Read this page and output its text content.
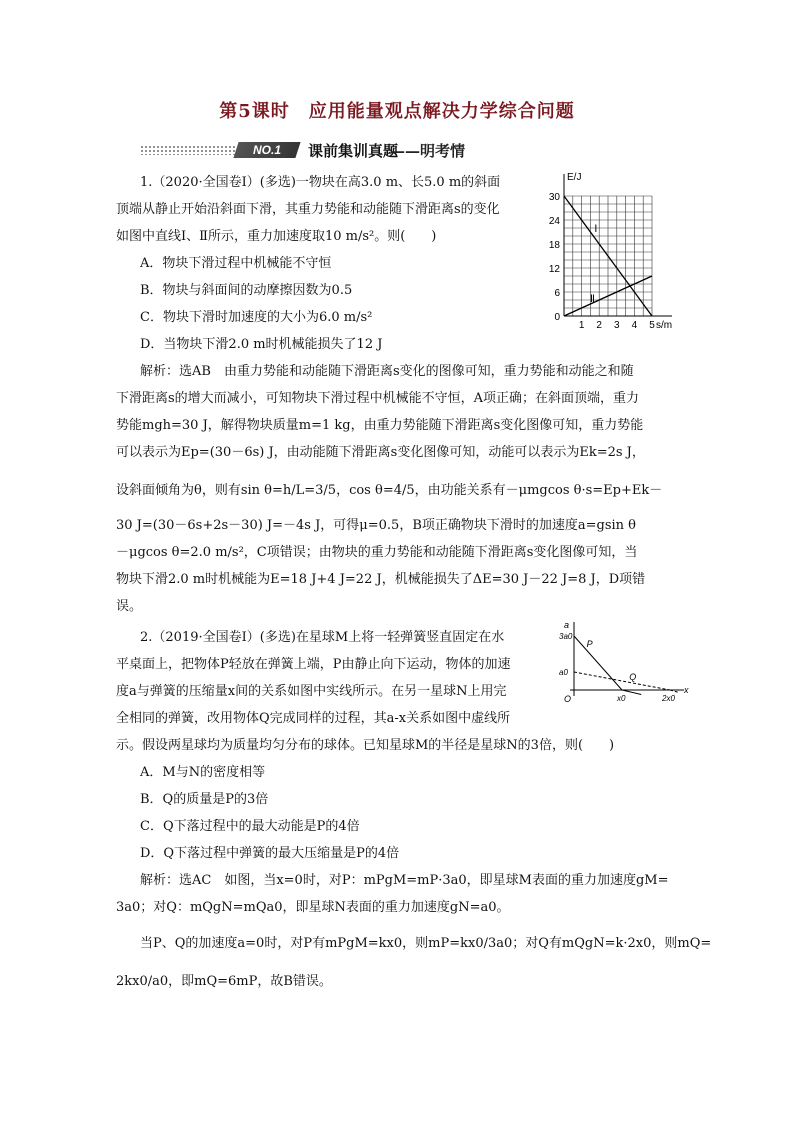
第5课时　应用能量观点解决力学综合问题
NO.1	课前集训真题
——明考情
1.（2020·全国卷Ⅰ）(多选)一物块在高3.0 m、长5.0 m的斜面
顶端从静止开始沿斜面下滑，其重力势能和动能随下滑距离s的变化
如图中直线Ⅰ、Ⅱ所示，重力加速度取10 m/s²。则(　　)
A．物块下滑过程中机械能不守恒
B．物块与斜面间的动摩擦因数为0.5
C．物块下滑时加速度的大小为6.0 m/s²
D．当物块下滑2.0 m时机械能损失了12 J
解析：选AB　由重力势能和动能随下滑距离s变化的图像可知，重力势能和动能之和随
下滑距离s的增大而减小，可知物块下滑过程中机械能不守恒，A项正确；在斜面顶端，重力
势能mgh=30 J，解得物块质量m=1 kg，由重力势能随下滑距离s变化图像可知，重力势能
可以表示为Ep=(30－6s) J，由动能随下滑距离s变化图像可知，动能可以表示为Ek=2s J，
设斜面倾角为θ，则有sin θ=h/L=3/5，cos θ=4/5，由功能关系有－μmgcos θ·s=Ep+Ek－
30 J=(30－6s+2s－30) J=－4s J，可得μ=0.5，B项正确物块下滑时的加速度a=gsin θ
－μgcos θ=2.0 m/s²，C项错误；由物块的重力势能和动能随下滑距离s变化图像可知，当
物块下滑2.0 m时机械能为E=18 J+4 J=22 J，机械能损失了ΔE=30 J－22 J=8 J，D项错
误。
E/J
s/m
0
6
12
18
24
30
1 2 3 4 5
Ⅰ
Ⅱ
2.（2019·全国卷Ⅰ）(多选)在星球M上将一轻弹簧竖直固定在水
平桌面上，把物体P轻放在弹簧上端，P由静止向下运动，物体的加速
度a与弹簧的压缩量x间的关系如图中实线所示。在另一星球N上用完
全相同的弹簧，改用物体Q完成同样的过程，其a-x关系如图中虚线所
示。假设两星球均为质量均匀分布的球体。已知星球M的半径是星球N的3倍，则(　　)
A．M与N的密度相等
B．Q的质量是P的3倍
C．Q下落过程中的最大动能是P的4倍
D．Q下落过程中弹簧的最大压缩量是P的4倍
解析：选AC　如图，当x=0时，对P：mPgM=mP·3a0，即星球M表面的重力加速度gM=
3a0；对Q：mQgN=mQa0，即星球N表面的重力加速度gN=a0。
当P、Q的加速度a=0时，对P有mPgM=kx0，则mP=kx0/3a0；对Q有mQgN=k·2x0，则mQ=
2kx0/a0，即mQ=6mP，故B错误。
a
x
O
3a0
a0
x0	2x0
P
Q
